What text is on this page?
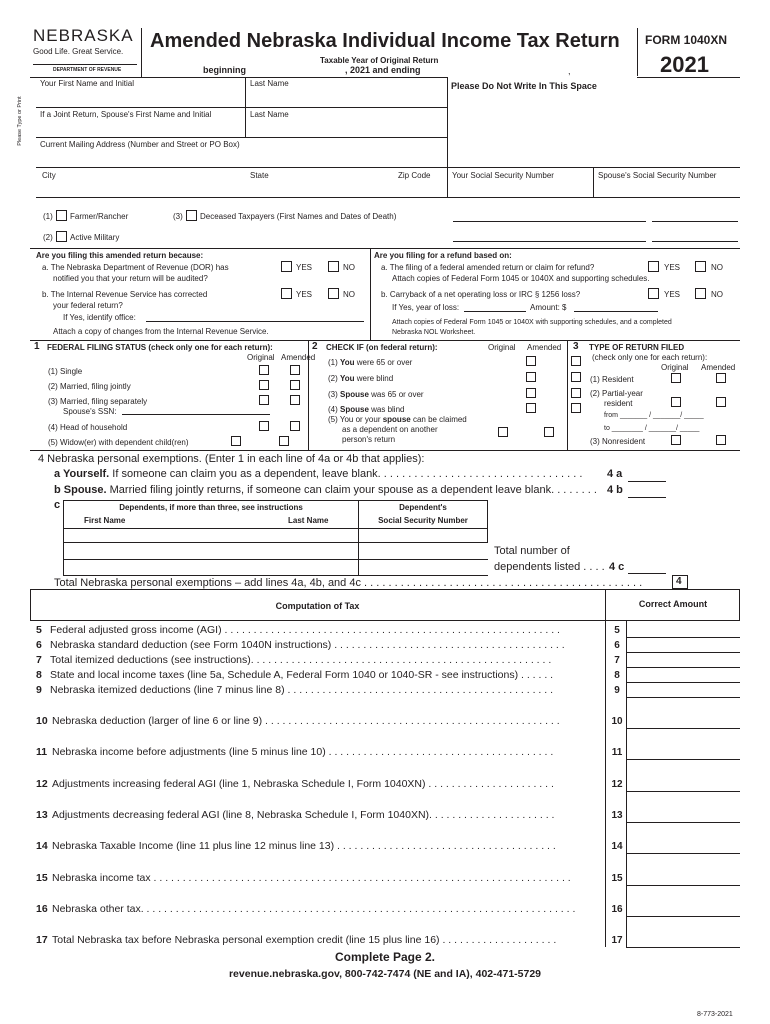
NEBRASKA
Good Life. Great Service.
DEPARTMENT OF REVENUE
Amended Nebraska Individual Income Tax Return
Taxable Year of Original Return
beginning	, 2021 and ending	,
FORM 1040XN
2021
Please Type or Print
Your First Name and Initial	Last Name	Please Do Not Write In This Space
If a Joint Return, Spouse's First Name and Initial	Last Name
Current Mailing Address (Number and Street or PO Box)
City	State	Zip Code	Your Social Security Number	Spouse's Social Security Number
(1) Farmer/Rancher	(3) Deceased Taxpayers (First Names and Dates of Death)
(2) Active Military
Are you filing this amended return because:
a. The Nebraska Department of Revenue (DOR) has
notified you that your return will be audited?
YES	NO
b. The Internal Revenue Service has corrected
your federal return?
YES	NO
If Yes, identify office:
Attach a copy of changes from the Internal Revenue Service.
Are you filing for a refund based on:
a. The filing of a federal amended return or claim for refund?	YES	NO
Attach copies of Federal Form 1045 or 1040X and supporting schedules.
b. Carryback of a net operating loss or IRC § 1256 loss?	YES	NO
If Yes, year of loss:	Amount: $
Attach copies of Federal Form 1045 or 1040X with supporting schedules, and a completed
Nebraska NOL Worksheet.
1 FEDERAL FILING STATUS (check only one for each return):
Original Amended
(1) Single
(2) Married, filing jointly
(3) Married, filing separately
Spouse's SSN:
(4) Head of household
(5) Widow(er) with dependent child(ren)
2 CHECK IF (on federal return):	Original Amended
(1) You were 65 or over
(2) You were blind
(3) Spouse was 65 or over
(4) Spouse was blind
(5) You or your spouse can be claimed
as a dependent on another
person's return
3 TYPE OF RETURN FILED
(check only one for each return):
Original Amended
(1) Resident
(2) Partial-year
resident
from _______ / _______/ _____
to ________ / _______/ _____
(3) Nonresident
4 Nebraska personal exemptions. (Enter 1 in each line of 4a or 4b that applies):
a Yourself. If someone can claim you as a dependent, leave blank. . . . . . . . . . . . . . . . . . . . . . . . . . . . . . . . . . 4 a
b Spouse. Married filing jointly returns, if someone can claim your spouse as a dependent leave blank. . . . . . . . 4 b
c	Dependents, if more than three, see instructions
First Name	Last Name
Dependent's
Social Security Number
Total number of
dependents listed . . . . 4 c
Total Nebraska personal exemptions – add lines 4a, 4b, and 4c . . . . . . . . . . . . . . . . . . . . . . . . . . . . . . . . . . . . . . . . . . . . . .	4
Computation of Tax	Correct Amount
5 Federal adjusted gross income (AGI) . . . . . . . . . . . . . . . . . . . . . . . . . . . . . . . . . . . . . . . . . . . . . . . . . . . . . . . . . .	5
6 Nebraska standard deduction (see Form 1040N instructions) . . . . . . . . . . . . . . . . . . . . . . . . . . . . . . . . . . . . . . . .	6
7 Total itemized deductions (see instructions). . . . . . . . . . . . . . . . . . . . . . . . . . . . . . . . . . . . . . . . . . . . . . . . . . . .	7
8 State and local income taxes (line 5a, Schedule A, Federal Form 1040 or 1040-SR - see instructions) . . . . . .	8
9 Nebraska itemized deductions (line 7 minus line 8) . . . . . . . . . . . . . . . . . . . . . . . . . . . . . . . . . . . . . . . . . . . . . .	9
10 Nebraska deduction (larger of line 6 or line 9) . . . . . . . . . . . . . . . . . . . . . . . . . . . . . . . . . . . . . . . . . . . . . . . . . . .	10
11 Nebraska income before adjustments (line 5 minus line 10) . . . . . . . . . . . . . . . . . . . . . . . . . . . . . . . . . . . . . . .	11
12 Adjustments increasing federal AGI (line 1, Nebraska Schedule I, Form 1040XN) . . . . . . . . . . . . . . . . . . . . . .	12
13 Adjustments decreasing federal AGI (line 8, Nebraska Schedule I, Form 1040XN). . . . . . . . . . . . . . . . . . . . . .	13
14 Nebraska Taxable Income (line 11 plus line 12 minus line 13) . . . . . . . . . . . . . . . . . . . . . . . . . . . . . . . . . . . . . .	14
15 Nebraska income tax . . . . . . . . . . . . . . . . . . . . . . . . . . . . . . . . . . . . . . . . . . . . . . . . . . . . . . . . . . . . . . . . . . . . . . . .	15
16 Nebraska other tax. . . . . . . . . . . . . . . . . . . . . . . . . . . . . . . . . . . . . . . . . . . . . . . . . . . . . . . . . . . . . . . . . . . . . . . . . . .	16
17 Total Nebraska tax before Nebraska personal exemption credit (line 15 plus line 16) . . . . . . . . . . . . . . . . . . . .	17
Complete Page 2.
revenue.nebraska.gov, 800-742-7474 (NE and IA), 402-471-5729
8-773-2021
